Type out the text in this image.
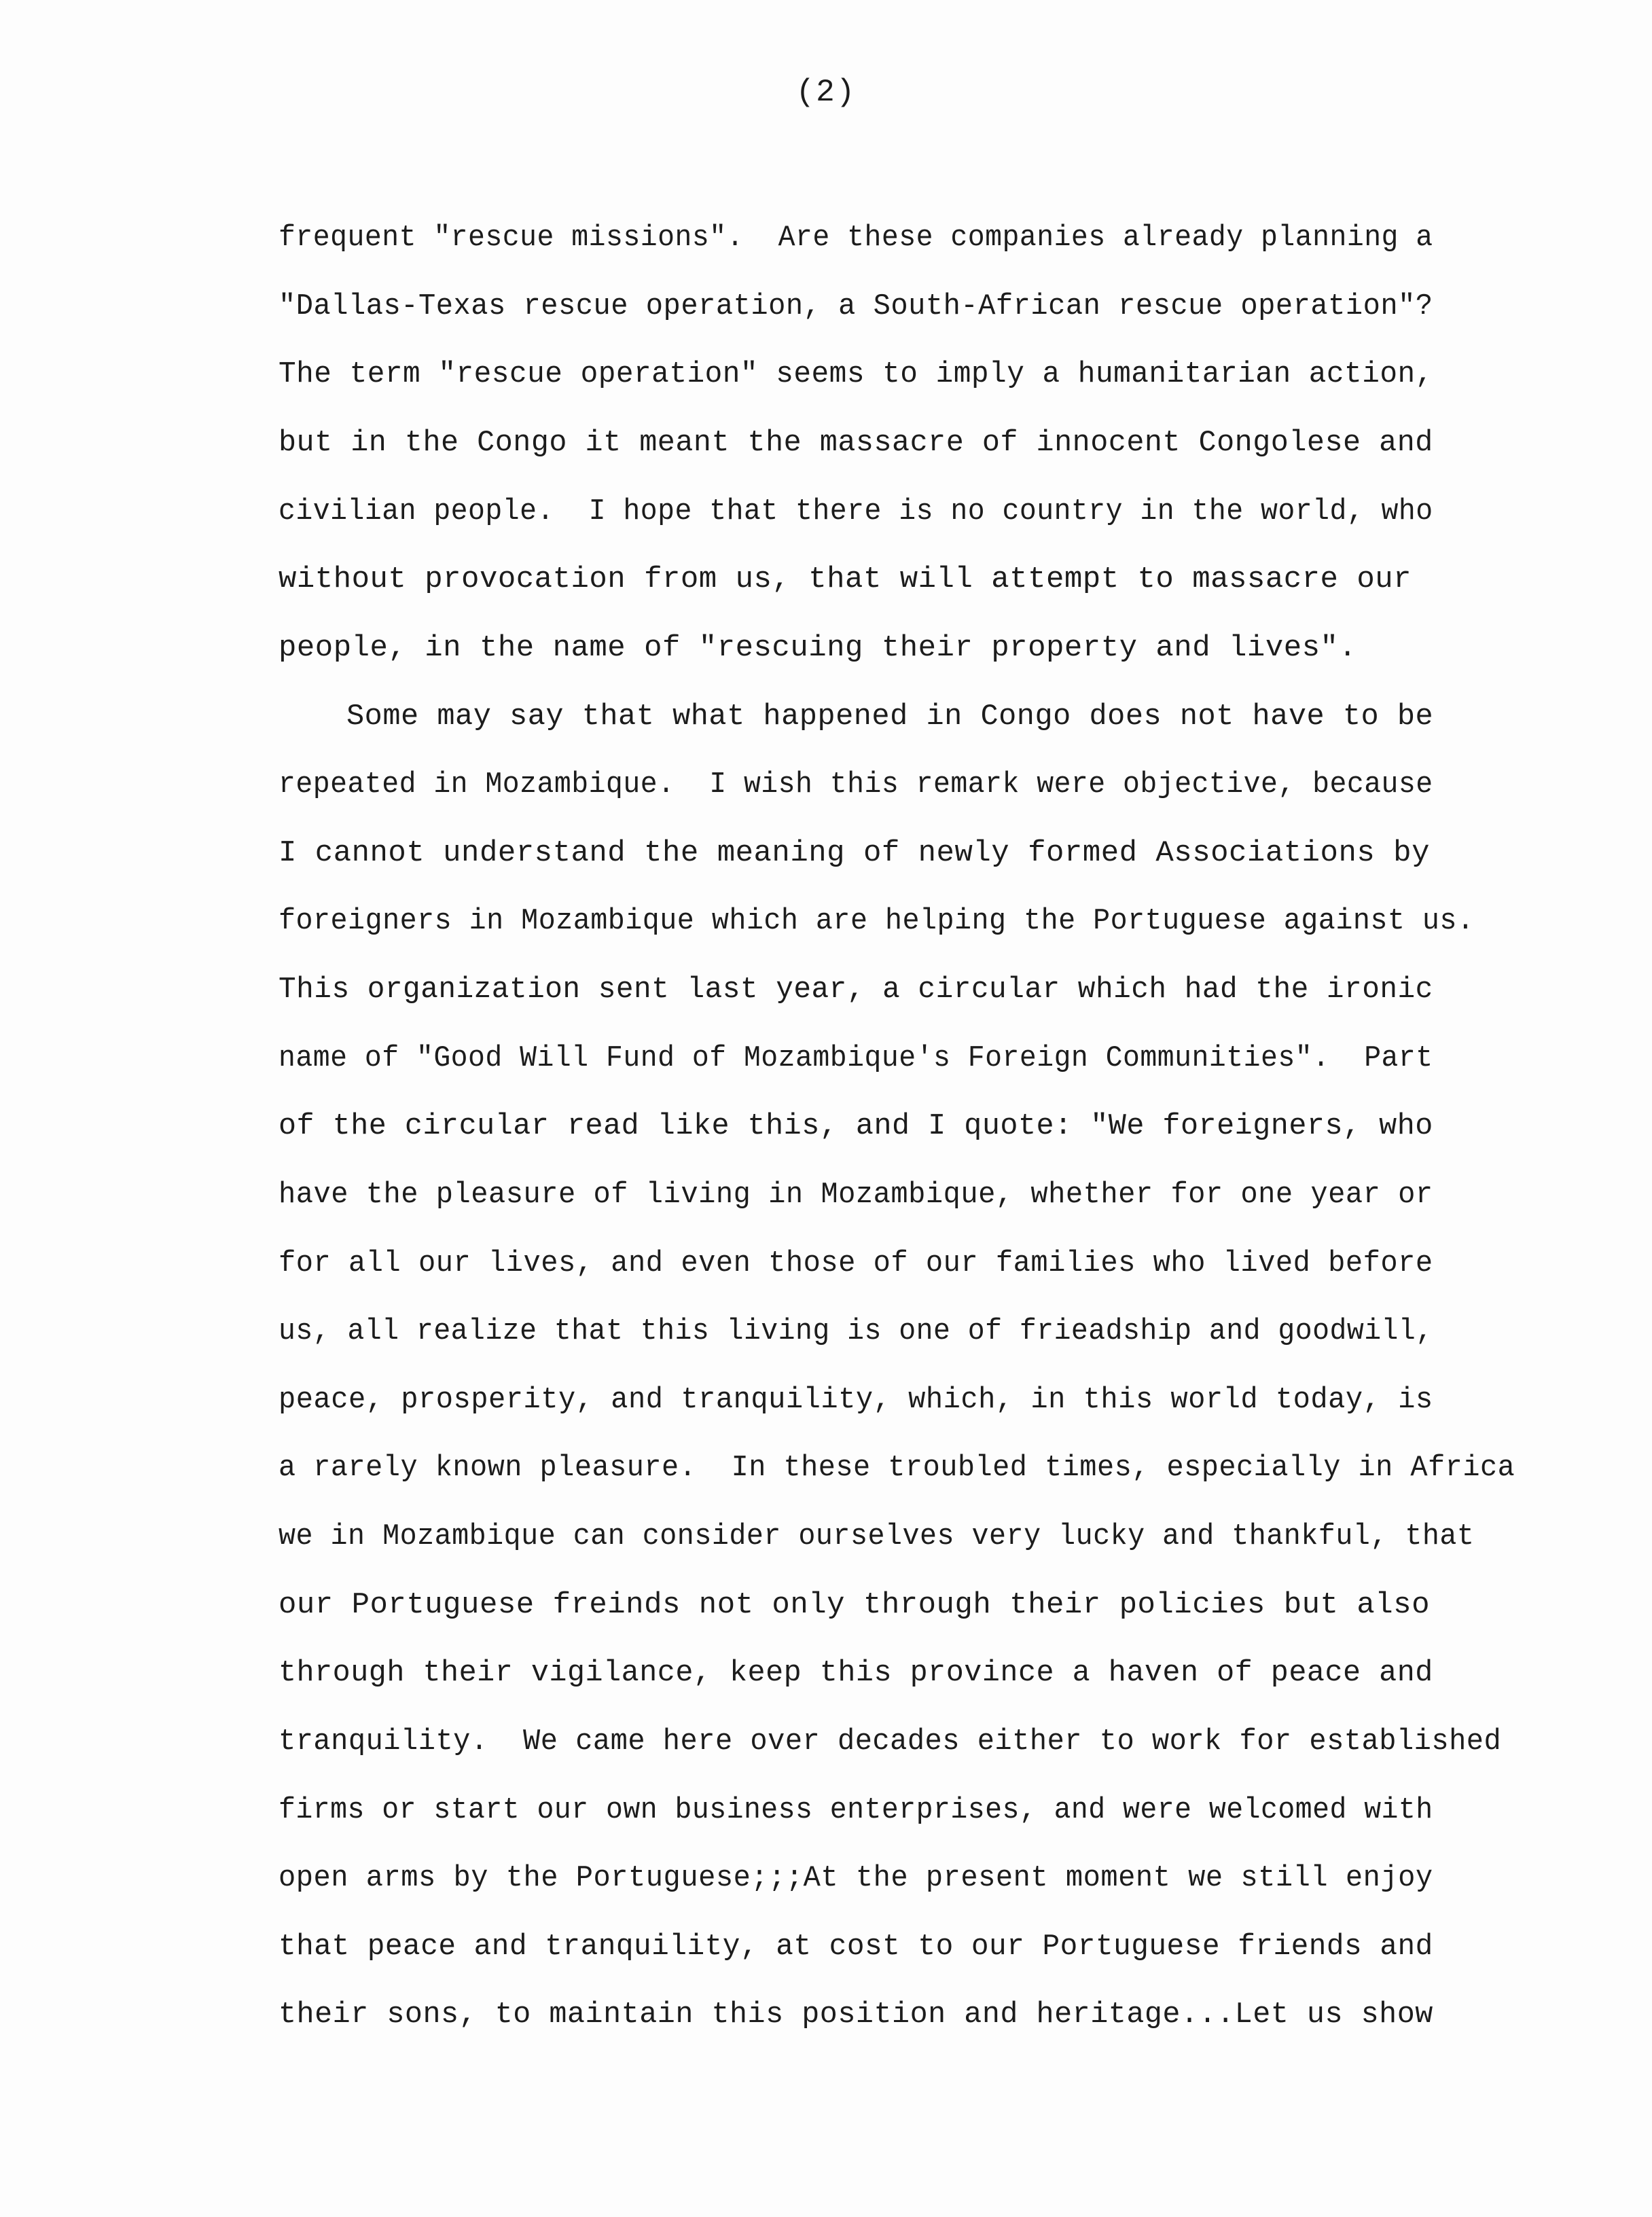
(2)
frequent "rescue missions".  Are these companies already planning a
"Dallas-Texas rescue operation, a South-African rescue operation"?
The term "rescue operation" seems to imply a humanitarian action,
but in the Congo it meant the massacre of innocent Congolese and
civilian people.  I hope that there is no country in the world, who
without provocation from us, that will attempt to massacre our
people, in the name of "rescuing their property and lives".
Some may say that what happened in Congo does not have to be
repeated in Mozambique.  I wish this remark were objective, because
I cannot understand the meaning of newly formed Associations by
foreigners in Mozambique which are helping the Portuguese against us.
This organization sent last year, a circular which had the ironic
name of "Good Will Fund of Mozambique's Foreign Communities".  Part
of the circular read like this, and I quote: "We foreigners, who
have the pleasure of living in Mozambique, whether for one year or
for all our lives, and even those of our families who lived before
us, all realize that this living is one of frieadship and goodwill,
peace, prosperity, and tranquility, which, in this world today, is
a rarely known pleasure.  In these troubled times, especially in Africa
we in Mozambique can consider ourselves very lucky and thankful, that
our Portuguese freinds not only through their policies but also
through their vigilance, keep this province a haven of peace and
tranquility.  We came here over decades either to work for established
firms or start our own business enterprises, and were welcomed with
open arms by the Portuguese;;;At the present moment we still enjoy
that peace and tranquility, at cost to our Portuguese friends and
their sons, to maintain this position and heritage...Let us show
